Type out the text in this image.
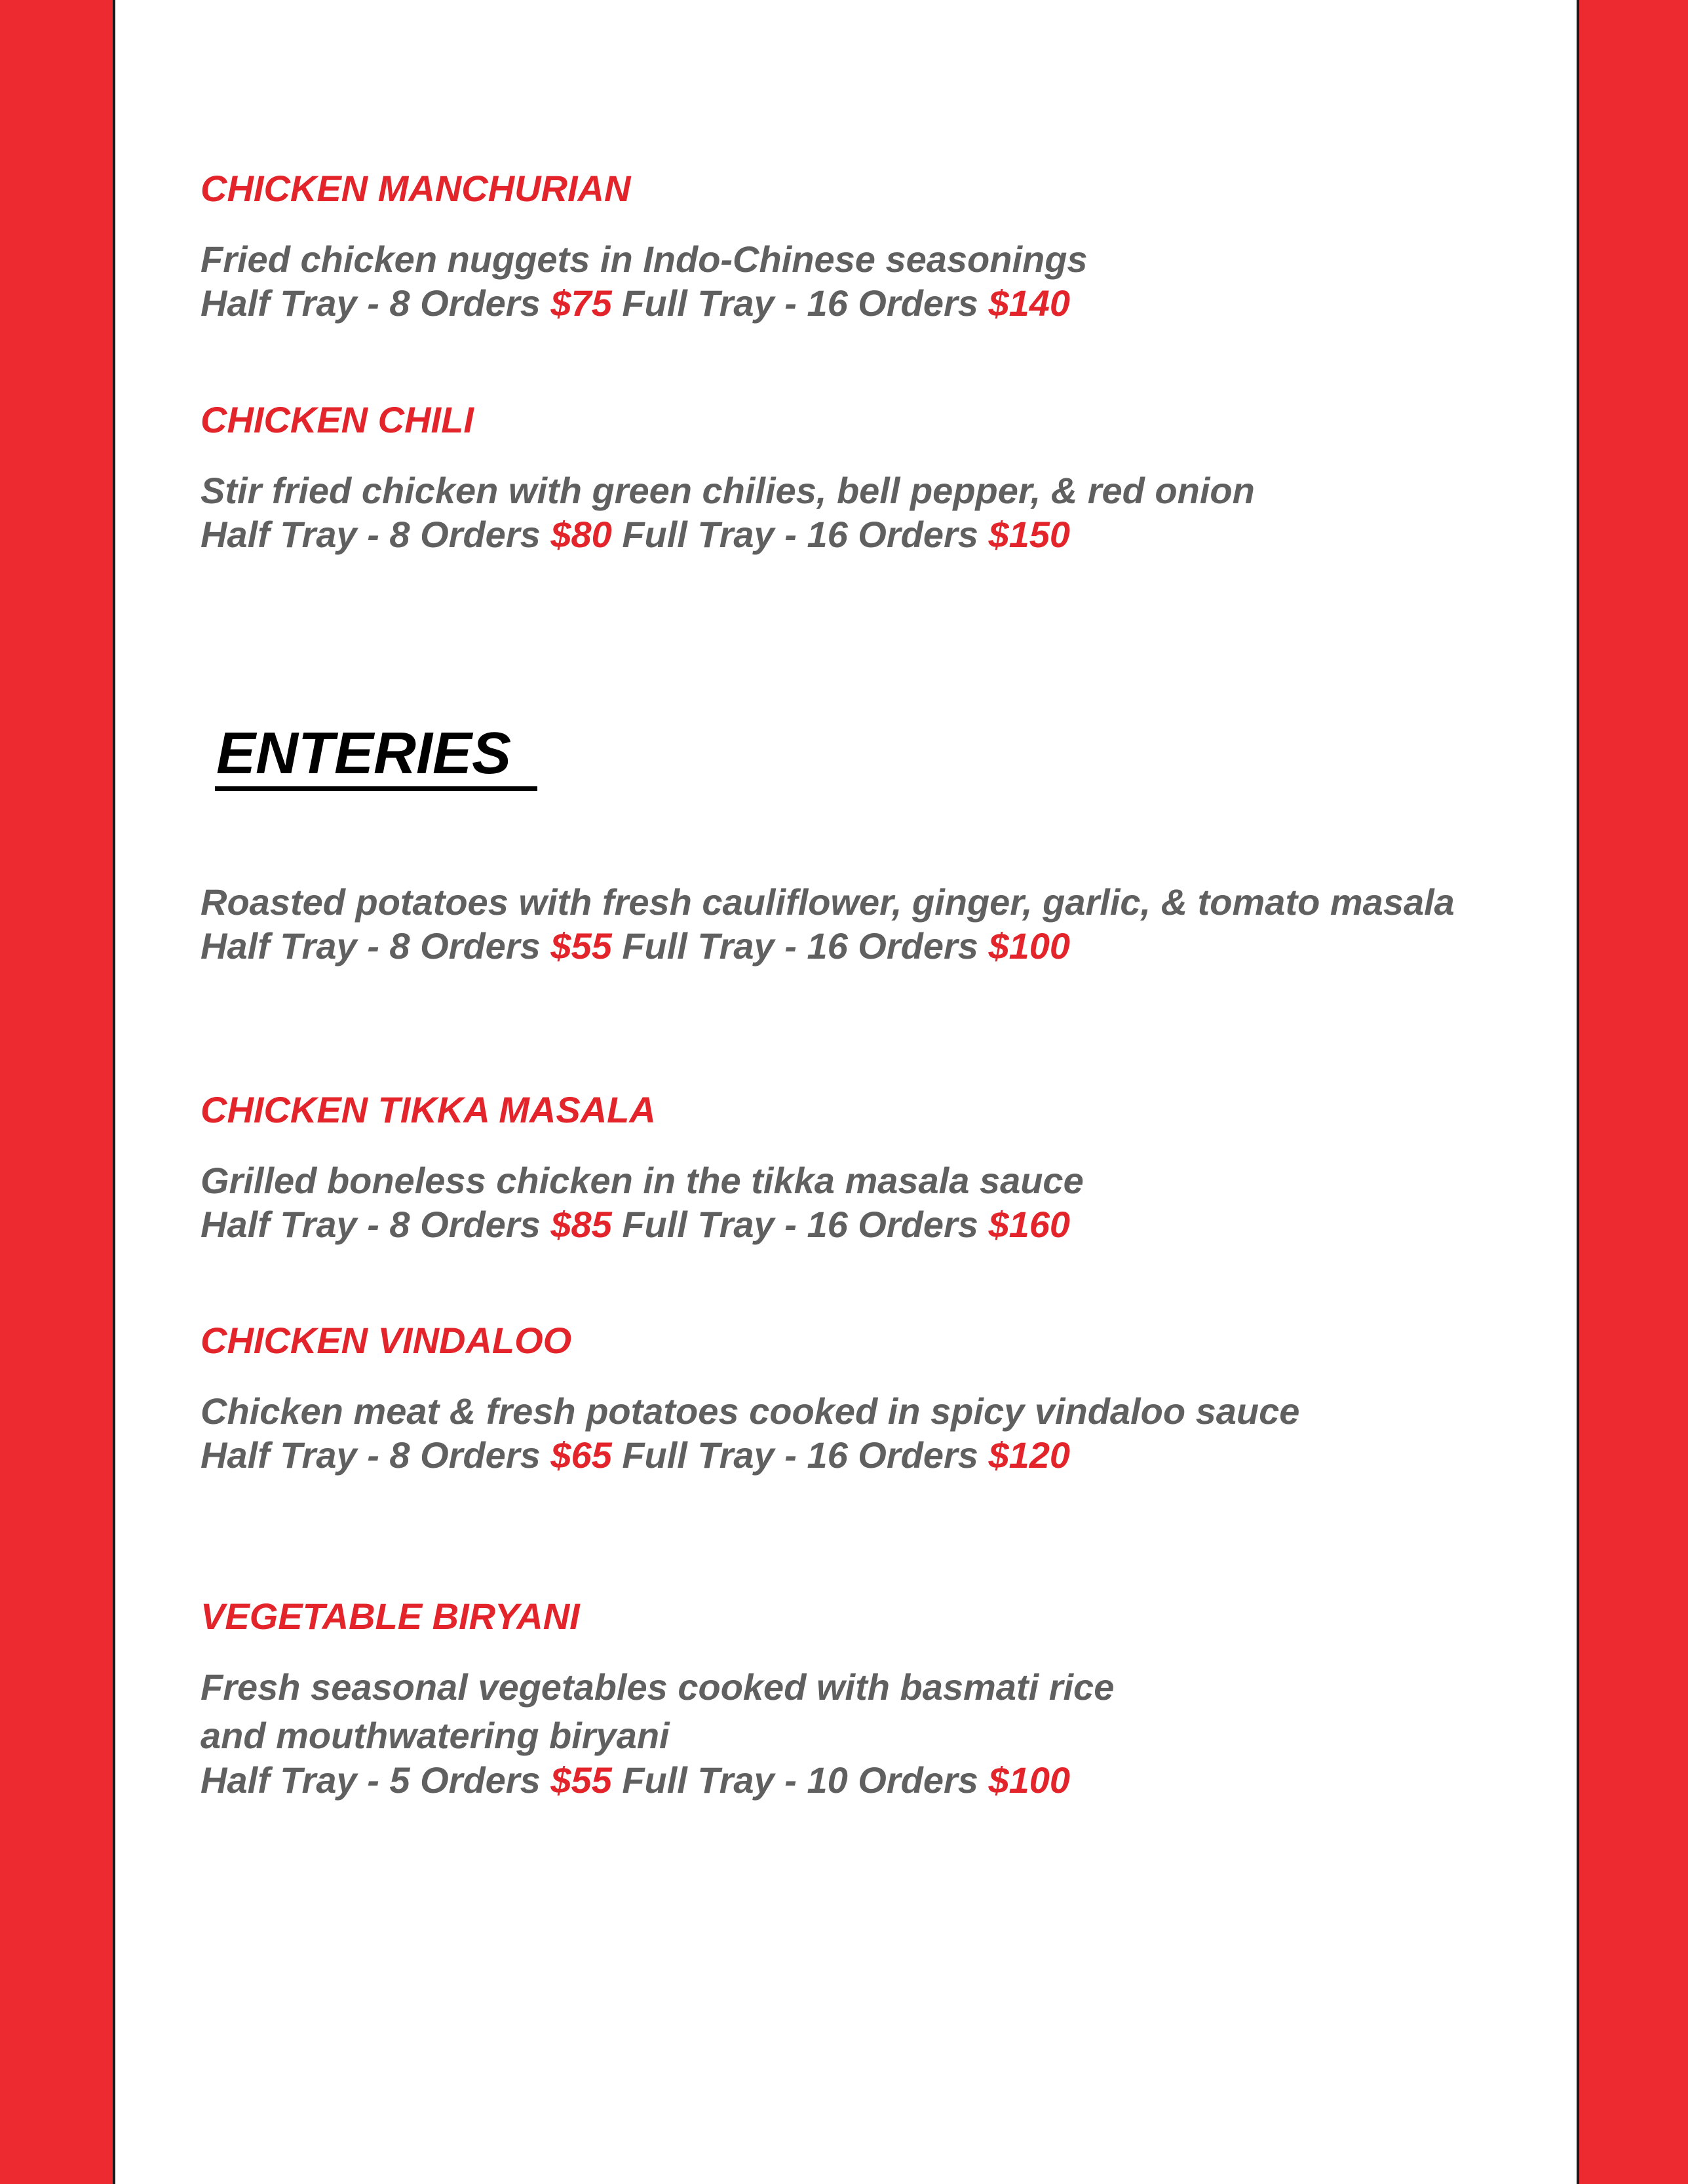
CHICKEN MANCHURIAN

Fried chicken nuggets in Indo-Chinese seasonings

Half Tray - 8 Orders $75 Full Tray - 16 Orders $140

CHICKEN CHILI

Stir fried chicken with green chilies, bell pepper, & red onion

Half Tray - 8 Orders $80 Full Tray - 16 Orders $150

ENTERIES

Roasted potatoes with fresh cauliflower, ginger, garlic, & tomato masala

Half Tray - 8 Orders $55 Full Tray - 16 Orders $100

CHICKEN TIKKA MASALA

Grilled boneless chicken in the tikka masala sauce

Half Tray - 8 Orders $85 Full Tray - 16 Orders $160

CHICKEN VINDALOO

Chicken meat & fresh potatoes cooked in spicy vindaloo sauce

Half Tray - 8 Orders $65 Full Tray - 16 Orders $120

VEGETABLE BIRYANI

Fresh seasonal vegetables cooked with basmati rice

and mouthwatering biryani

Half Tray - 5 Orders $55 Full Tray - 10 Orders $100
